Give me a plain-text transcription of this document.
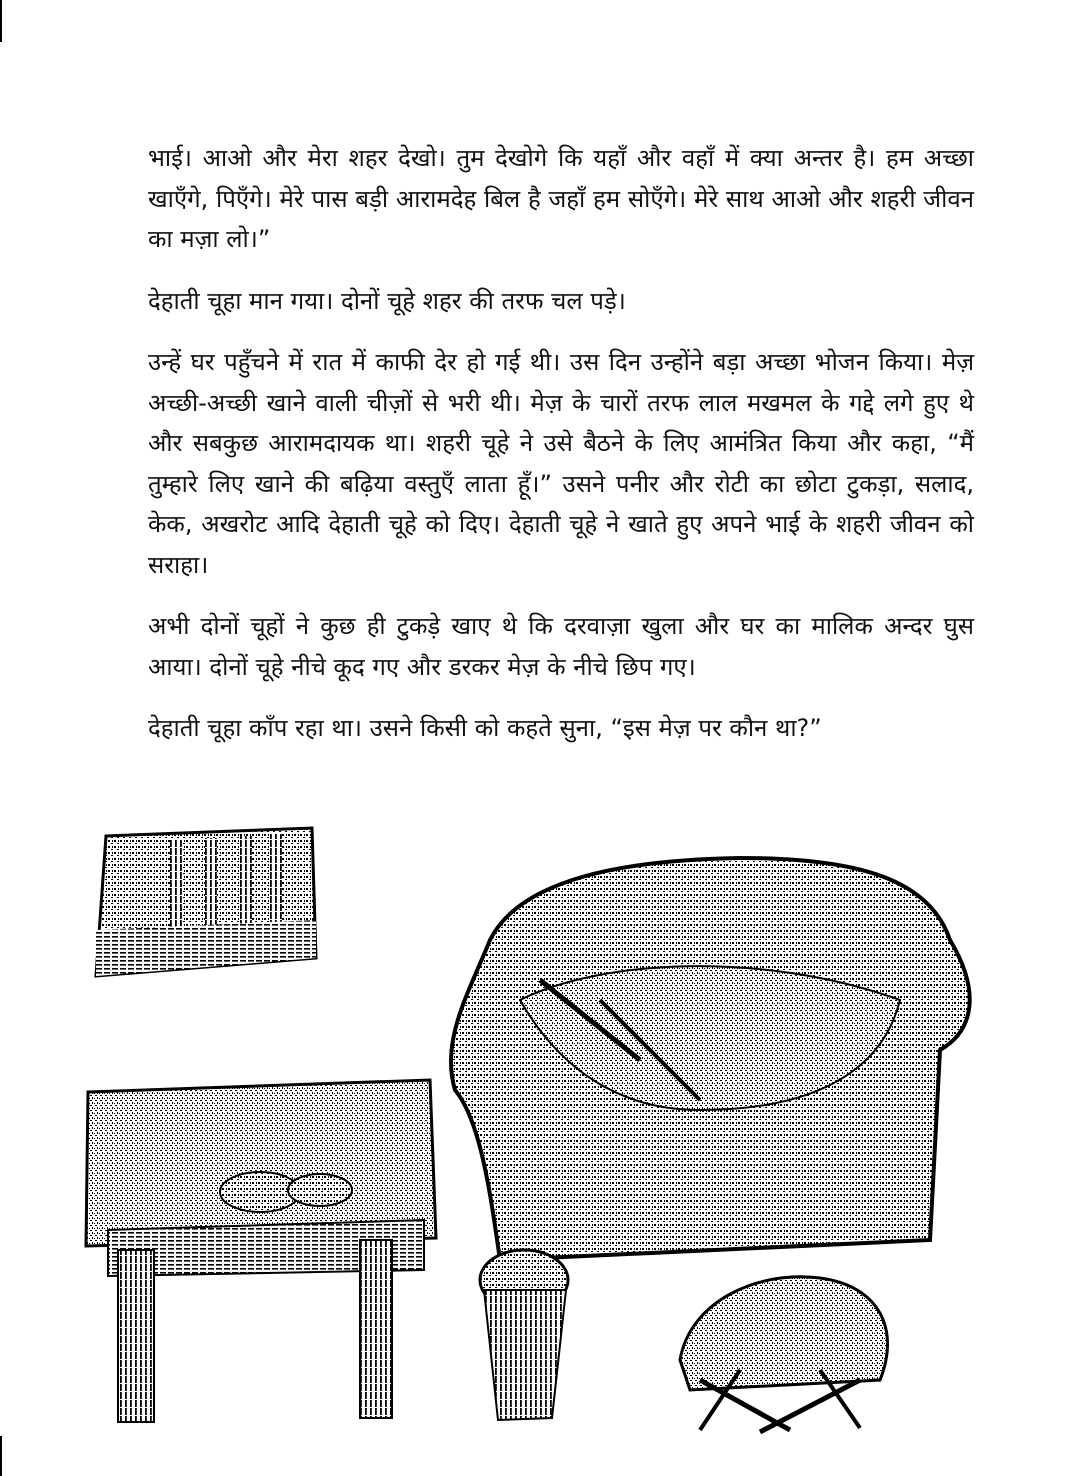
भाई। आओ और मेरा शहर देखो। तुम देखोगे कि यहाँ और वहाँ में क्या अन्तर है। हम अच्छा खाएँगे, पिएँगे। मेरे पास बड़ी आरामदेह बिल है जहाँ हम सोएँगे। मेरे साथ आओ और शहरी जीवन का मज़ा लो।”

देहाती चूहा मान गया। दोनों चूहे शहर की तरफ चल पड़े।

उन्हें घर पहुँचने में रात में काफी देर हो गई थी। उस दिन उन्होंने बड़ा अच्छा भोजन किया। मेज़ अच्छी-अच्छी खाने वाली चीज़ों से भरी थी। मेज़ के चारों तरफ लाल मखमल के गद्दे लगे हुए थे और सबकुछ आरामदायक था। शहरी चूहे ने उसे बैठने के लिए आमंत्रित किया और कहा, “मैं तुम्हारे लिए खाने की बढ़िया वस्तुएँ लाता हूँ।” उसने पनीर और रोटी का छोटा टुकड़ा, सलाद, केक, अखरोट आदि देहाती चूहे को दिए। देहाती चूहे ने खाते हुए अपने भाई के शहरी जीवन को सराहा।

अभी दोनों चूहों ने कुछ ही टुकड़े खाए थे कि दरवाज़ा खुला और घर का मालिक अन्दर घुस आया। दोनों चूहे नीचे कूद गए और डरकर मेज़ के नीचे छिप गए।

देहाती चूहा काँप रहा था। उसने किसी को कहते सुना, “इस मेज़ पर कौन था?”
